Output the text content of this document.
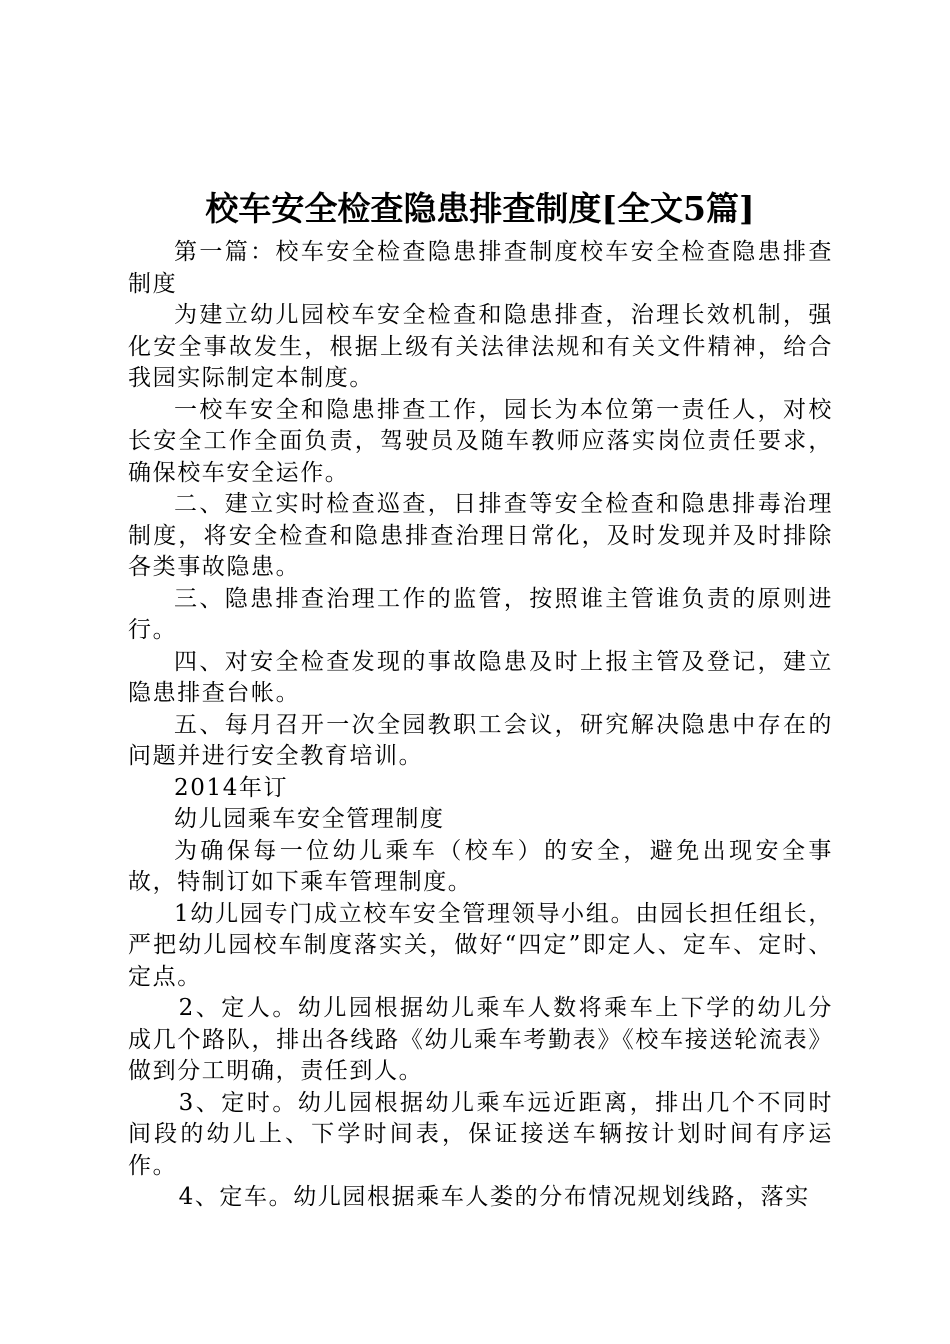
校车安全检查隐患排查制度[全文5篇]

第一篇：校车安全检查隐患排查制度校车安全检查隐患排查制度

为建立幼儿园校车安全检查和隐患排查，治理长效机制，强化安全事故发生，根据上级有关法律法规和有关文件精神，给合我园实际制定本制度。

一校车安全和隐患排查工作，园长为本位第一责任人，对校长安全工作全面负责，驾驶员及随车教师应落实岗位责任要求，确保校车安全运作。

二、建立实时检查巡查，日排查等安全检查和隐患排毒治理制度，将安全检查和隐患排查治理日常化，及时发现并及时排除各类事故隐患。

三、隐患排查治理工作的监管，按照谁主管谁负责的原则进行。

四、对安全检查发现的事故隐患及时上报主管及登记，建立隐患排查台帐。

五、每月召开一次全园教职工会议，研究解决隐患中存在的问题并进行安全教育培训。

2014年订

幼儿园乘车安全管理制度

为确保每一位幼儿乘车（校车）的安全，避免出现安全事故，特制订如下乘车管理制度。

1幼儿园专门成立校车安全管理领导小组。由园长担任组长，严把幼儿园校车制度落实关，做好“四定”即定人、定车、定时、定点。

2、定人。幼儿园根据幼儿乘车人数将乘车上下学的幼儿分成几个路队，排出各线路《幼儿乘车考勤表》《校车接送轮流表》做到分工明确，责任到人。

3、定时。幼儿园根据幼儿乘车远近距离，排出几个不同时间段的幼儿上、下学时间表，保证接送车辆按计划时间有序运作。

4、定车。幼儿园根据乘车人娄的分布情况规划线路，落实
